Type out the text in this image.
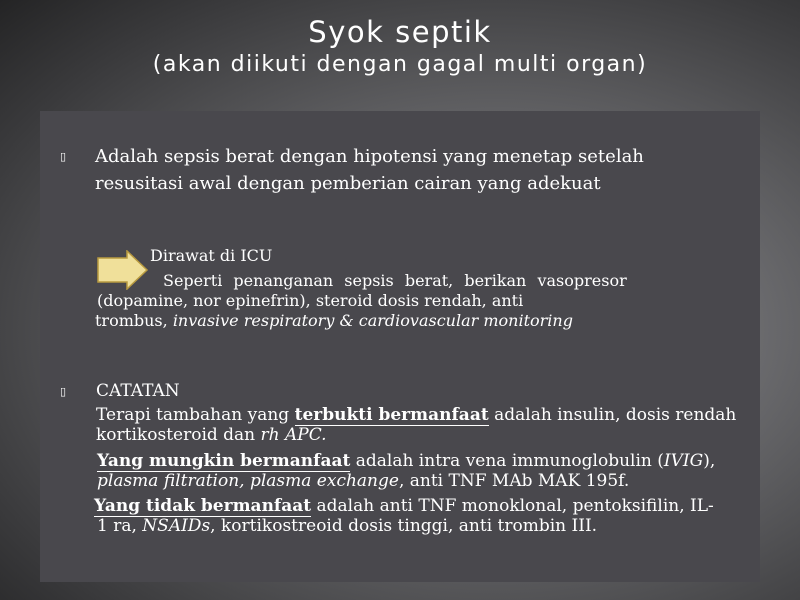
Syok septik
(akan diikuti dengan gagal multi organ)
▯ Adalah sepsis berat dengan hipotensi yang menetap setelah resusitasi awal dengan pemberian cairan yang adekuat
Dirawat di ICU
Seperti penanganan sepsis berat, berikan vasopresor
(dopamine, nor epinefrin), steroid dosis rendah, anti
trombus, invasive respiratory & cardiovascular monitoring
▯ CATATAN
Terapi tambahan yang terbukti bermanfaat adalah insulin, dosis rendah
kortikosteroid dan rh APC.
Yang mungkin bermanfaat adalah intra vena immunoglobulin (IVIG),
plasma filtration, plasma exchange, anti TNF MAb MAK 195f.
Yang tidak bermanfaat adalah anti TNF monoklonal, pentoksifilin, IL-
1 ra, NSAIDs, kortikostreoid dosis tinggi, anti trombin III.
